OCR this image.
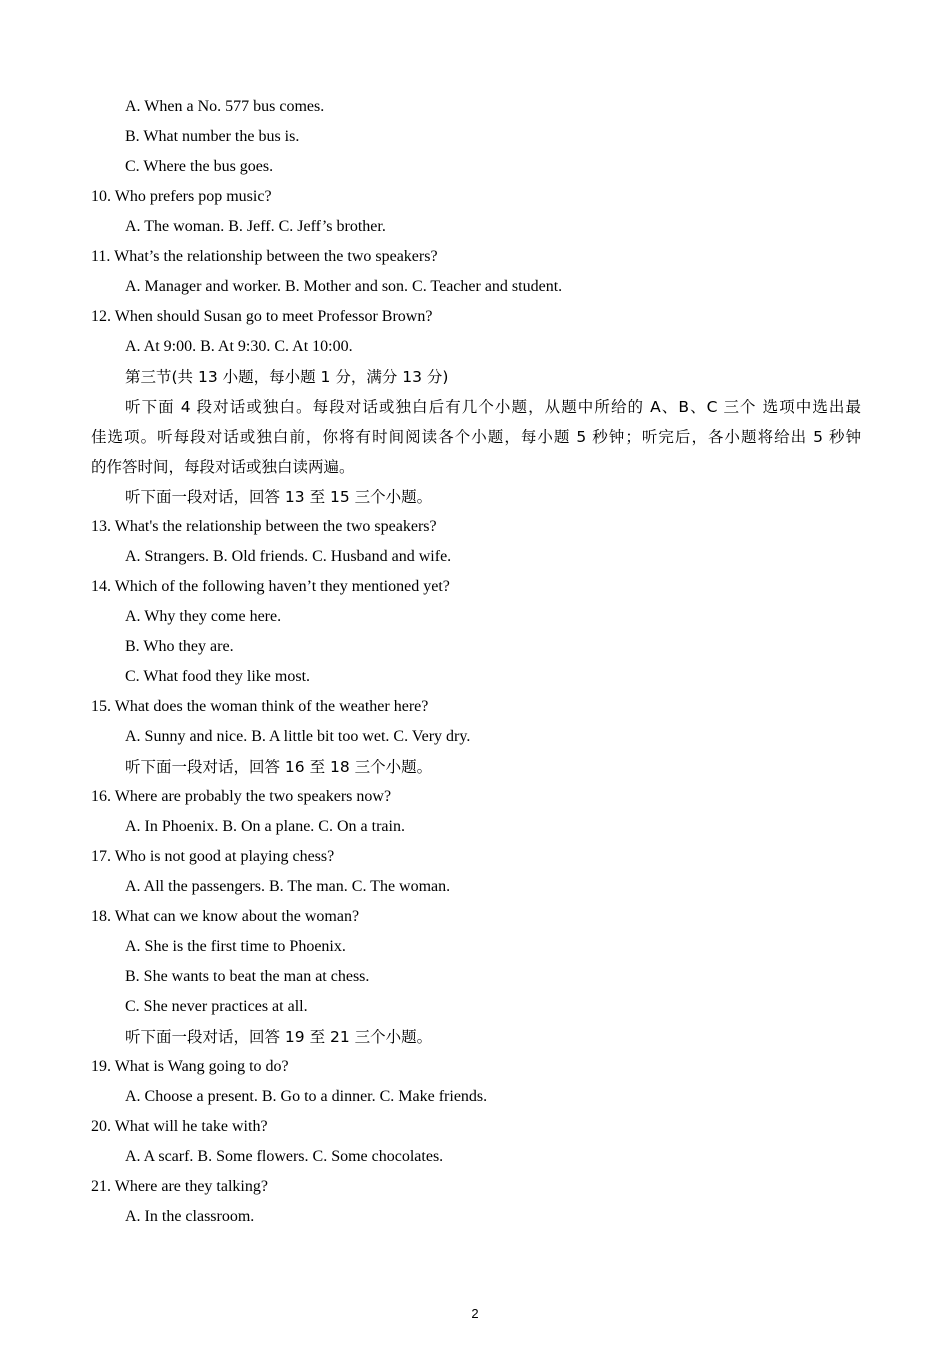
A. When a No. 577 bus comes.
B. What number the bus is.
C. Where the bus goes.
10. Who prefers pop music?
A. The woman. B. Jeff. C. Jeff’s brother.
11. What’s the relationship between the two speakers?
A. Manager and worker. B. Mother and son. C. Teacher and student.
12. When should Susan go to meet Professor Brown?
A. At 9:00. B. At 9:30. C. At 10:00.
第三节(共 13 小题，每小题 1 分，满分 13 分)
听下面 4 段对话或独白。每段对话或独白后有几个小题，从题中所给的 A、B、C 三个 选项中选出最
佳选项。听每段对话或独白前，你将有时间阅读各个小题，每小题 5 秒钟；听完后，各小题将给出 5 秒钟
的作答时间，每段对话或独白读两遍。
听下面一段对话，回答 13 至 15 三个小题。
13. What's the relationship between the two speakers?
A. Strangers. B. Old friends. C. Husband and wife.
14. Which of the following haven’t they mentioned yet?
A. Why they come here.
B. Who they are.
C. What food they like most.
15. What does the woman think of the weather here?
A. Sunny and nice. B. A little bit too wet. C. Very dry.
听下面一段对话，回答 16 至 18 三个小题。
16. Where are probably the two speakers now?
A. In Phoenix. B. On a plane. C. On a train.
17. Who is not good at playing chess?
A. All the passengers. B. The man. C. The woman.
18. What can we know about the woman?
A. She is the first time to Phoenix.
B. She wants to beat the man at chess.
C. She never practices at all.
听下面一段对话，回答 19 至 21 三个小题。
19. What is Wang going to do?
A. Choose a present. B. Go to a dinner. C. Make friends.
20. What will he take with?
A. A scarf. B. Some flowers. C. Some chocolates.
21. Where are they talking?
A. In the classroom.
2
